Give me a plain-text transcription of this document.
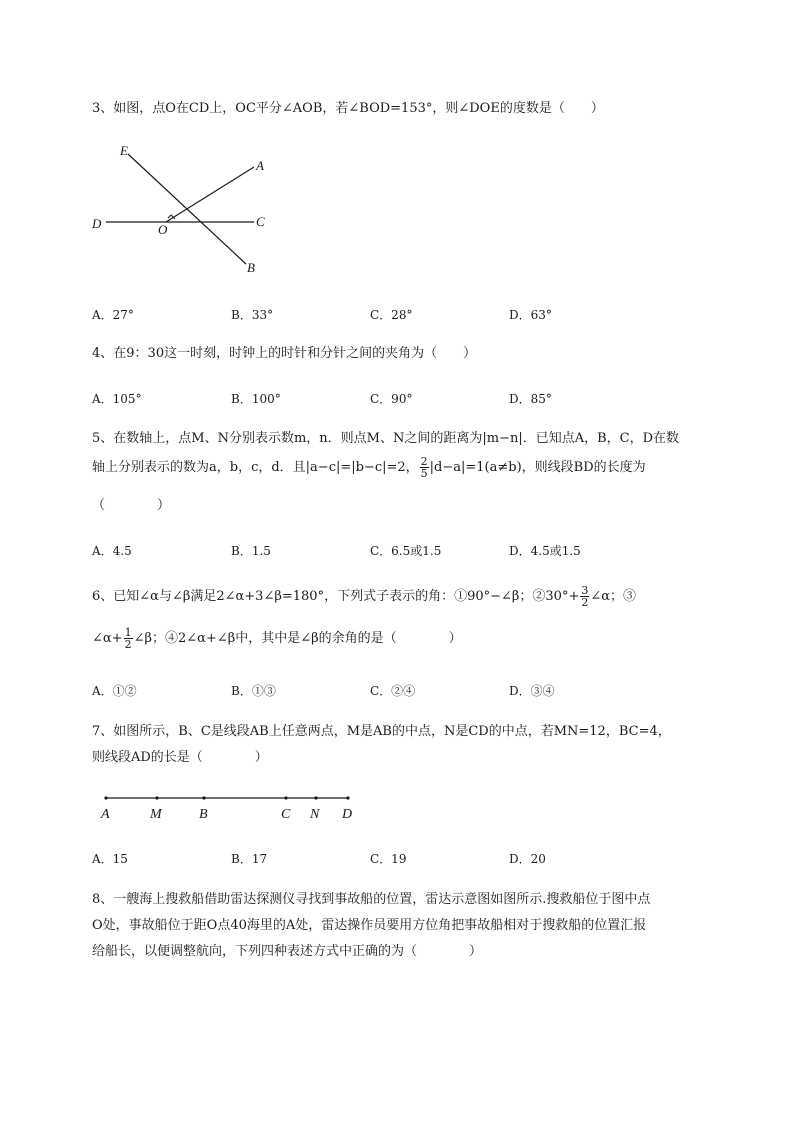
3、如图，点O在CD上，OC平分∠AOB，若∠BOD=153°，则∠DOE的度数是（　　）
E
A
D	O
C
B
A．27°	B．33°	C．28°	D．63°
4、在9：30这一时刻，时钟上的时针和分针之间的夹角为（　　）
A．105°	B．100°	C．90°	D．85°
5、在数轴上，点M、N分别表示数m，n．则点M、N之间的距离为|m−n|．已知点A，B，C，D在数
轴上分别表示的数为a，b，c，d．且|a−c|=|b−c|=2， $\frac{2}{5} |d-a|=1(a\ne b)$，则线段BD的长度为
（　　　　）
A．4.5	B．1.5	C．6.5或1.5	D．4.5或1.5
6、已知∠α与∠β满足2∠α+3∠β=180°，下列式子表示的角：①90°−∠β；②30°+ $\frac{3}{2}$ ∠α；③
∠α+ $\frac{1}{2}$ ∠β；④2∠α+∠β中，其中是∠β的余角的是（　　　　）
A．①②	B．①③	C．②④	D．③④
7、如图所示，B、C是线段AB上任意两点，M是AB的中点，N是CD的中点，若MN=12，BC=4，
则线段AD的长是（　　　　）
A	M	B	C N D
A．15	B．17	C．19	D．20
8、一艘海上搜救船借助雷达探测仪寻找到事故船的位置，雷达示意图如图所示.搜救船位于图中点
O处，事故船位于距O点40海里的A处，雷达操作员要用方位角把事故船相对于搜救船的位置汇报
给船长，以便调整航向，下列四种表述方式中正确的为（　　　　）
